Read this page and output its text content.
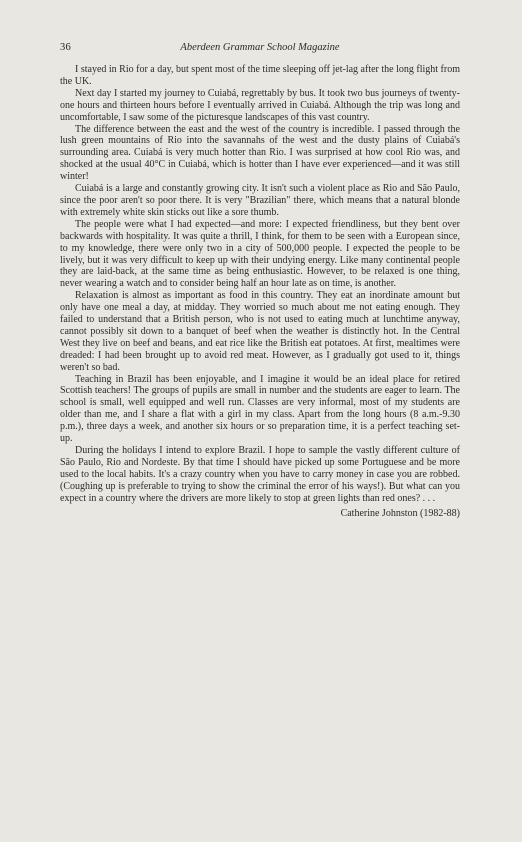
36	Aberdeen Grammar School Magazine

I stayed in Rio for a day, but spent most of the time sleeping off jet-lag after the long flight from the UK.

Next day I started my journey to Cuiabá, regrettably by bus. It took two bus journeys of twenty-one hours and thirteen hours before I eventually arrived in Cuiabá. Although the trip was long and uncomfortable, I saw some of the picturesque landscapes of this vast country.

The difference between the east and the west of the country is incredible. I passed through the lush green mountains of Rio into the savannahs of the west and the dusty plains of Cuiabá's surrounding area. Cuiabá is very much hotter than Rio. I was surprised at how cool Rio was, and shocked at the usual 40°C in Cuiabá, which is hotter than I have ever experienced—and it was still winter!

Cuiabá is a large and constantly growing city. It isn't such a violent place as Rio and São Paulo, since the poor aren't so poor there. It is very "Brazilian" there, which means that a natural blonde with extremely white skin sticks out like a sore thumb.

The people were what I had expected—and more: I expected friendliness, but they bent over backwards with hospitality. It was quite a thrill, I think, for them to be seen with a European since, to my knowledge, there were only two in a city of 500,000 people. I expected the people to be lively, but it was very difficult to keep up with their undying energy. Like many continental people they are laid-back, at the same time as being enthusiastic. However, to be relaxed is one thing, never wearing a watch and to consider being half an hour late as on time, is another.

Relaxation is almost as important as food in this country. They eat an inordinate amount but only have one meal a day, at midday. They worried so much about me not eating enough. They failed to understand that a British person, who is not used to eating much at lunchtime anyway, cannot possibly sit down to a banquet of beef when the weather is distinctly hot. In the Central West they live on beef and beans, and eat rice like the British eat potatoes. At first, mealtimes were dreaded: I had been brought up to avoid red meat. However, as I gradually got used to it, things weren't so bad.

Teaching in Brazil has been enjoyable, and I imagine it would be an ideal place for retired Scottish teachers! The groups of pupils are small in number and the students are eager to learn. The school is small, well equipped and well run. Classes are very informal, most of my students are older than me, and I share a flat with a girl in my class. Apart from the long hours (8 a.m.-9.30 p.m.), three days a week, and another six hours or so preparation time, it is a perfect teaching set-up.

During the holidays I intend to explore Brazil. I hope to sample the vastly different culture of São Paulo, Rio and Nordeste. By that time I should have picked up some Portuguese and be more used to the local habits. It's a crazy country when you have to carry money in case you are robbed. (Coughing up is preferable to trying to show the criminal the error of his ways!). But what can you expect in a country where the drivers are more likely to stop at green lights than red ones? . . .

Catherine Johnston (1982-88)
